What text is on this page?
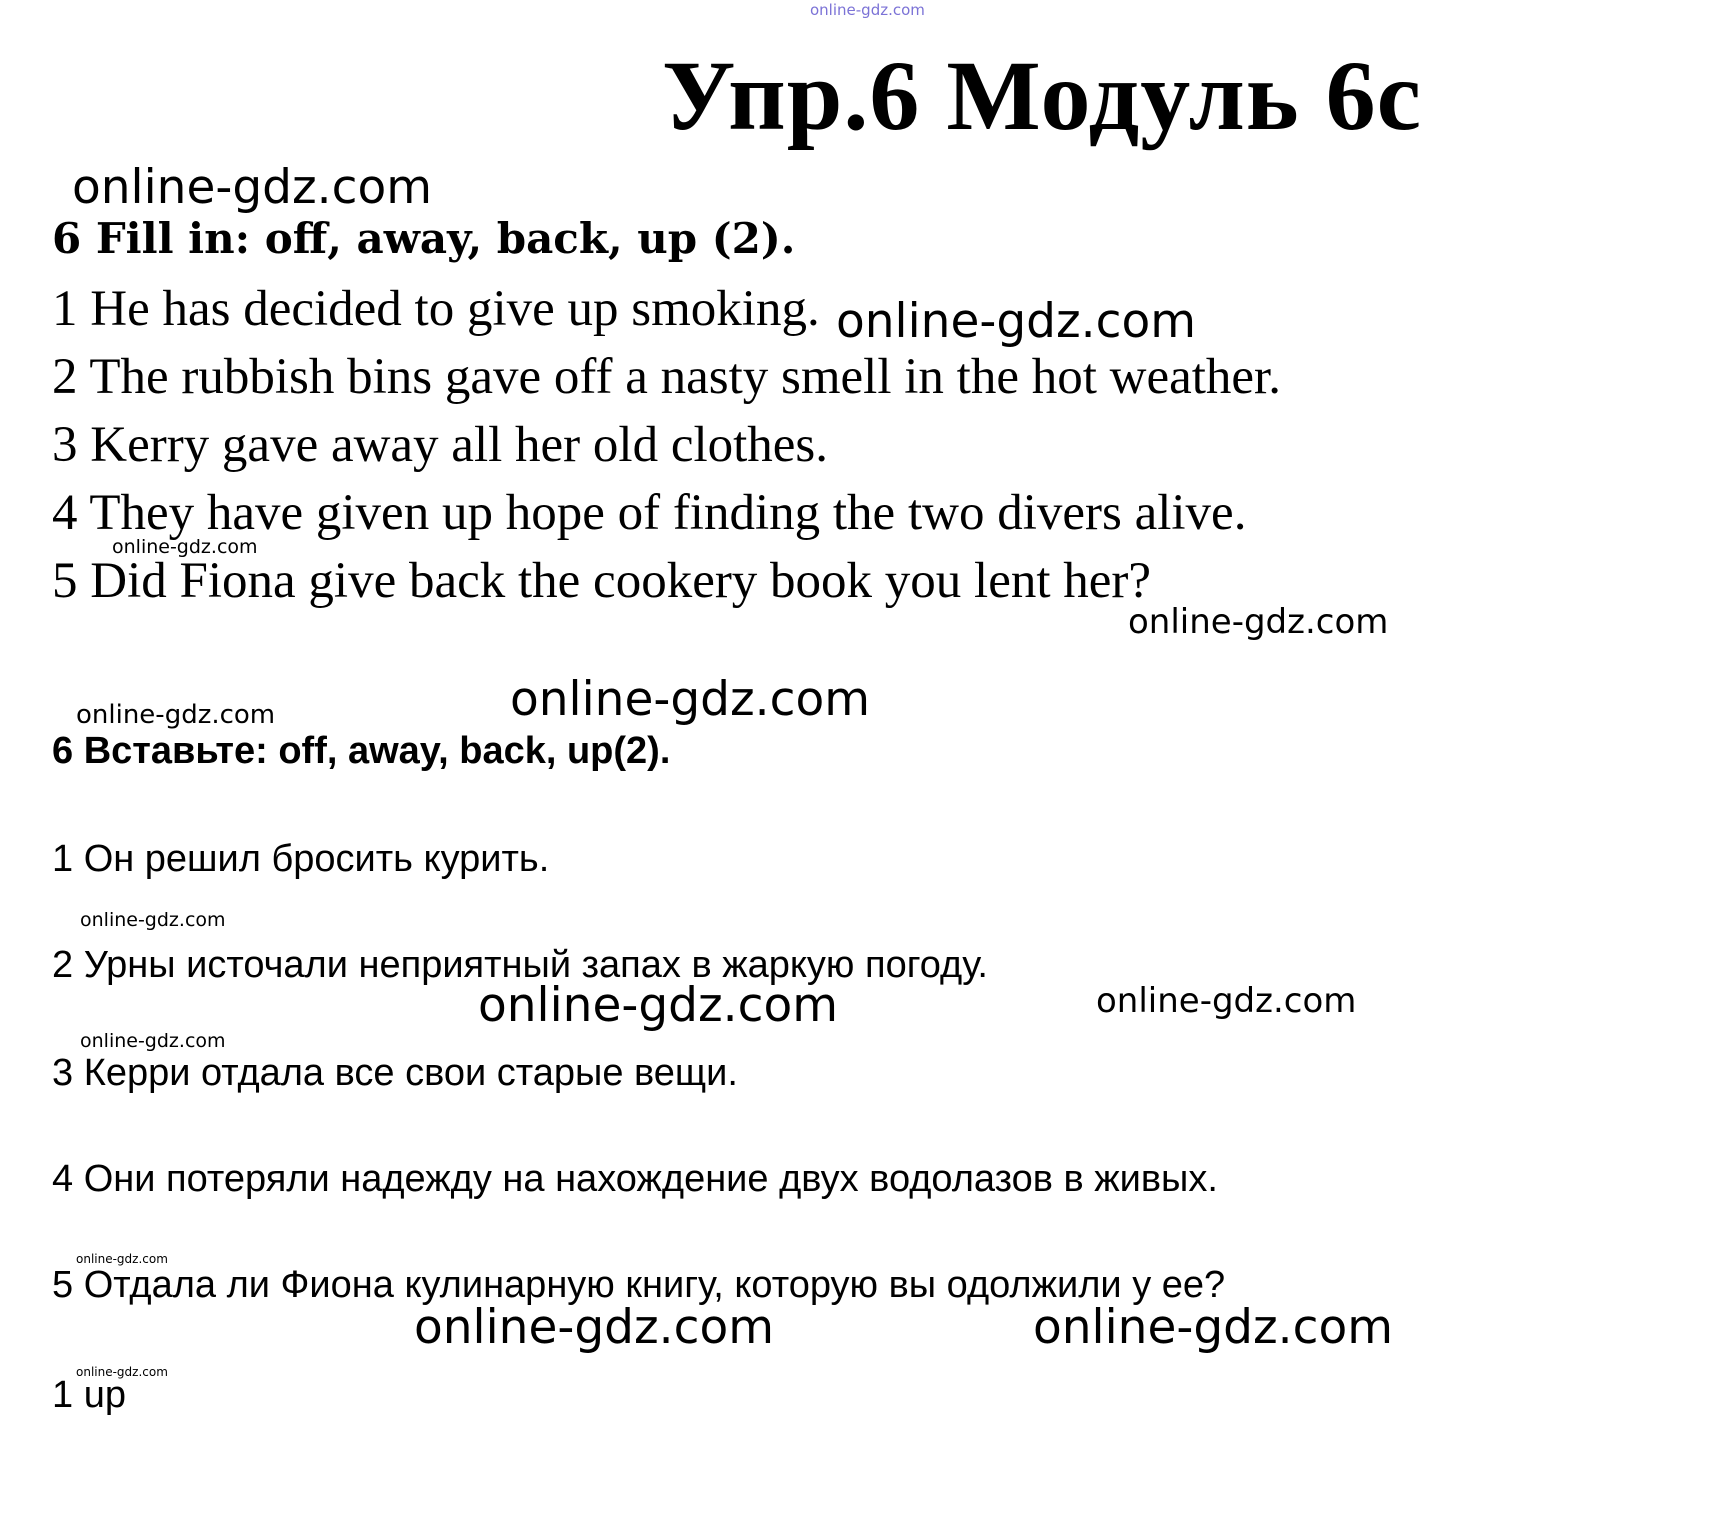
online-gdz.com
online-gdz.com
online-gdz.com
online-gdz.com
online-gdz.com
online-gdz.com
online-gdz.com
online-gdz.com
online-gdz.com	online-gdz.com
online-gdz.com
online-gdz.com
online-gdz.com	online-gdz.com
online-gdz.com
Упр.6 Модуль 6c
6 Fill in: off, away, back, up (2).
1 He has decided to give up smoking.
2 The rubbish bins gave off a nasty smell in the hot weather.
3 Kerry gave away all her old clothes.
4 They have given up hope of finding the two divers alive.
5 Did Fiona give back the cookery book you lent her?
6 Вставьте: off, away, back, up(2).
1 Он решил бросить курить.
2 Урны источали неприятный запах в жаркую погоду.
3 Керри отдала все свои старые вещи.
4 Они потеряли надежду на нахождение двух водолазов в живых.
5 Отдала ли Фиона кулинарную книгу, которую вы одолжили у ее?
1 up
